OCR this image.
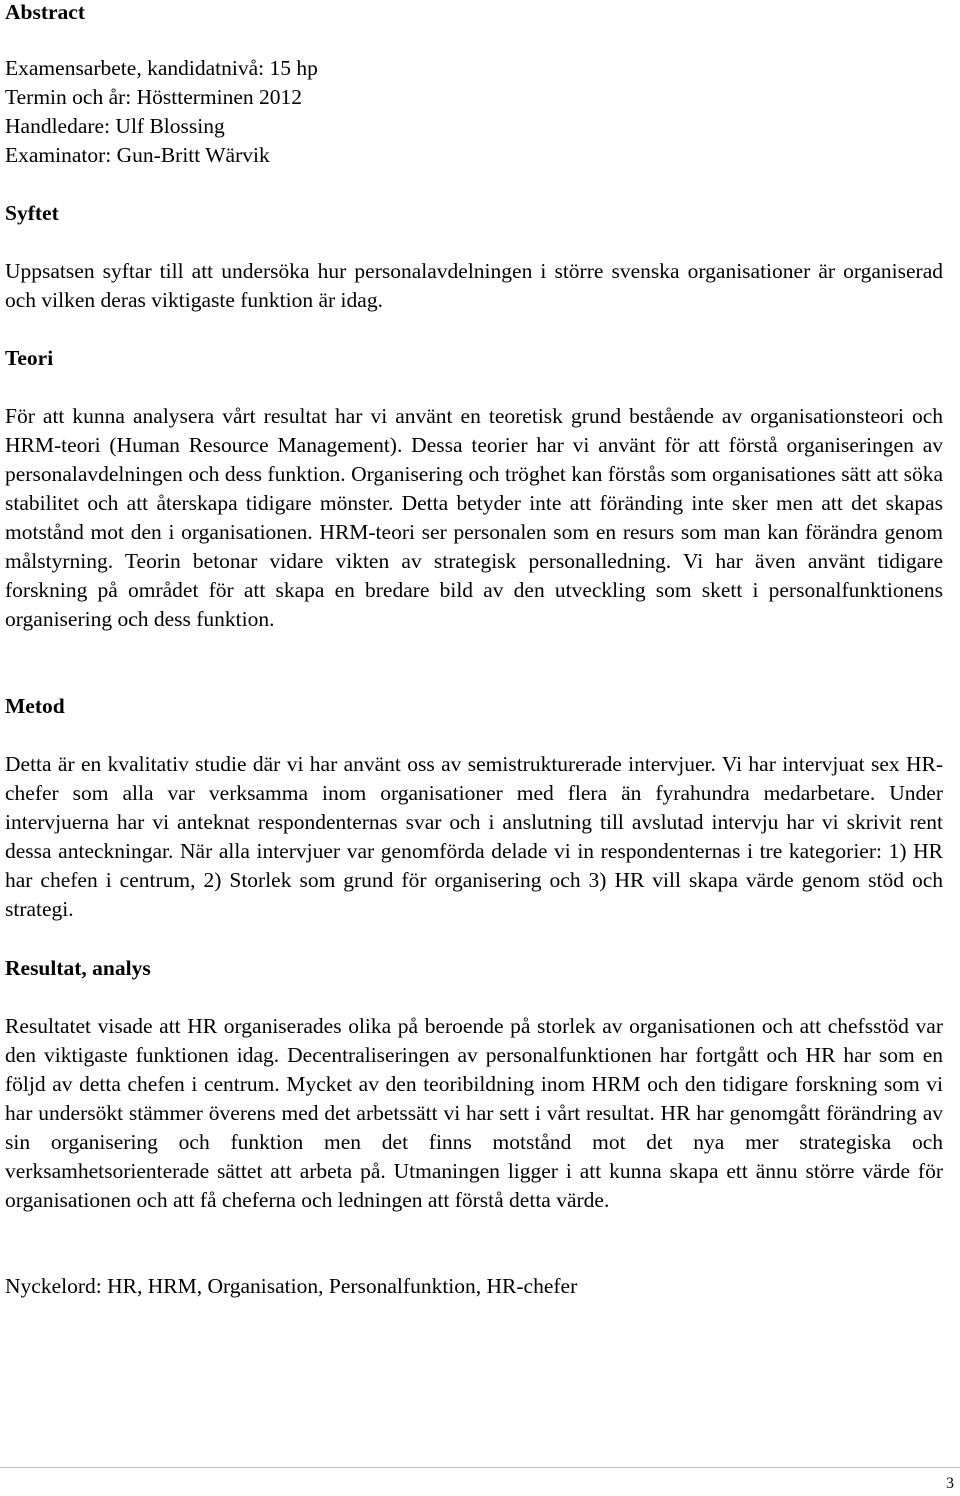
Abstract

Examensarbete, kandidatnivå: 15 hp

Termin och år: Höstterminen 2012

Handledare: Ulf Blossing

Examinator: Gun-Britt Wärvik

Syftet

Uppsatsen syftar till att undersöka hur personalavdelningen i större svenska organisationer är organiserad och vilken deras viktigaste funktion är idag.

Teori

För att kunna analysera vårt resultat har vi använt en teoretisk grund bestående av organisationsteori och HRM-teori (Human Resource Management). Dessa teorier har vi använt för att förstå organiseringen av personalavdelningen och dess funktion. Organisering och tröghet kan förstås som organisationes sätt att söka stabilitet och att återskapa tidigare mönster. Detta betyder inte att föränding inte sker men att det skapas motstånd mot den i organisationen. HRM-teori ser personalen som en resurs som man kan förändra genom målstyrning. Teorin betonar vidare vikten av strategisk personalledning. Vi har även använt tidigare forskning på området för att skapa en bredare bild av den utveckling som skett i personalfunktionens organisering och dess funktion.

Metod

Detta är en kvalitativ studie där vi har använt oss av semistrukturerade intervjuer. Vi har intervjuat sex HR-chefer som alla var verksamma inom organisationer med flera än fyrahundra medarbetare. Under intervjuerna har vi anteknat respondenternas svar och i anslutning till avslutad intervju har vi skrivit rent dessa anteckningar. När alla intervjuer var genomförda delade vi in respondenternas i tre kategorier: 1) HR har chefen i centrum, 2) Storlek som grund för organisering och 3) HR vill skapa värde genom stöd och strategi.

Resultat, analys

Resultatet visade att HR organiserades olika på beroende på storlek av organisationen och att chefsstöd var den viktigaste funktionen idag. Decentraliseringen av personalfunktionen har fortgått och HR har som en följd av detta chefen i centrum. Mycket av den teoribildning inom HRM och den tidigare forskning som vi har undersökt stämmer överens med det arbetssätt vi har sett i vårt resultat. HR har genomgått förändring av sin organisering och funktion men det finns motstånd mot det nya mer strategiska och verksamhetsorienterade sättet att arbeta på. Utmaningen ligger i att kunna skapa ett ännu större värde för organisationen och att få cheferna och ledningen att förstå detta värde.

Nyckelord: HR, HRM, Organisation, Personalfunktion, HR-chefer

3
